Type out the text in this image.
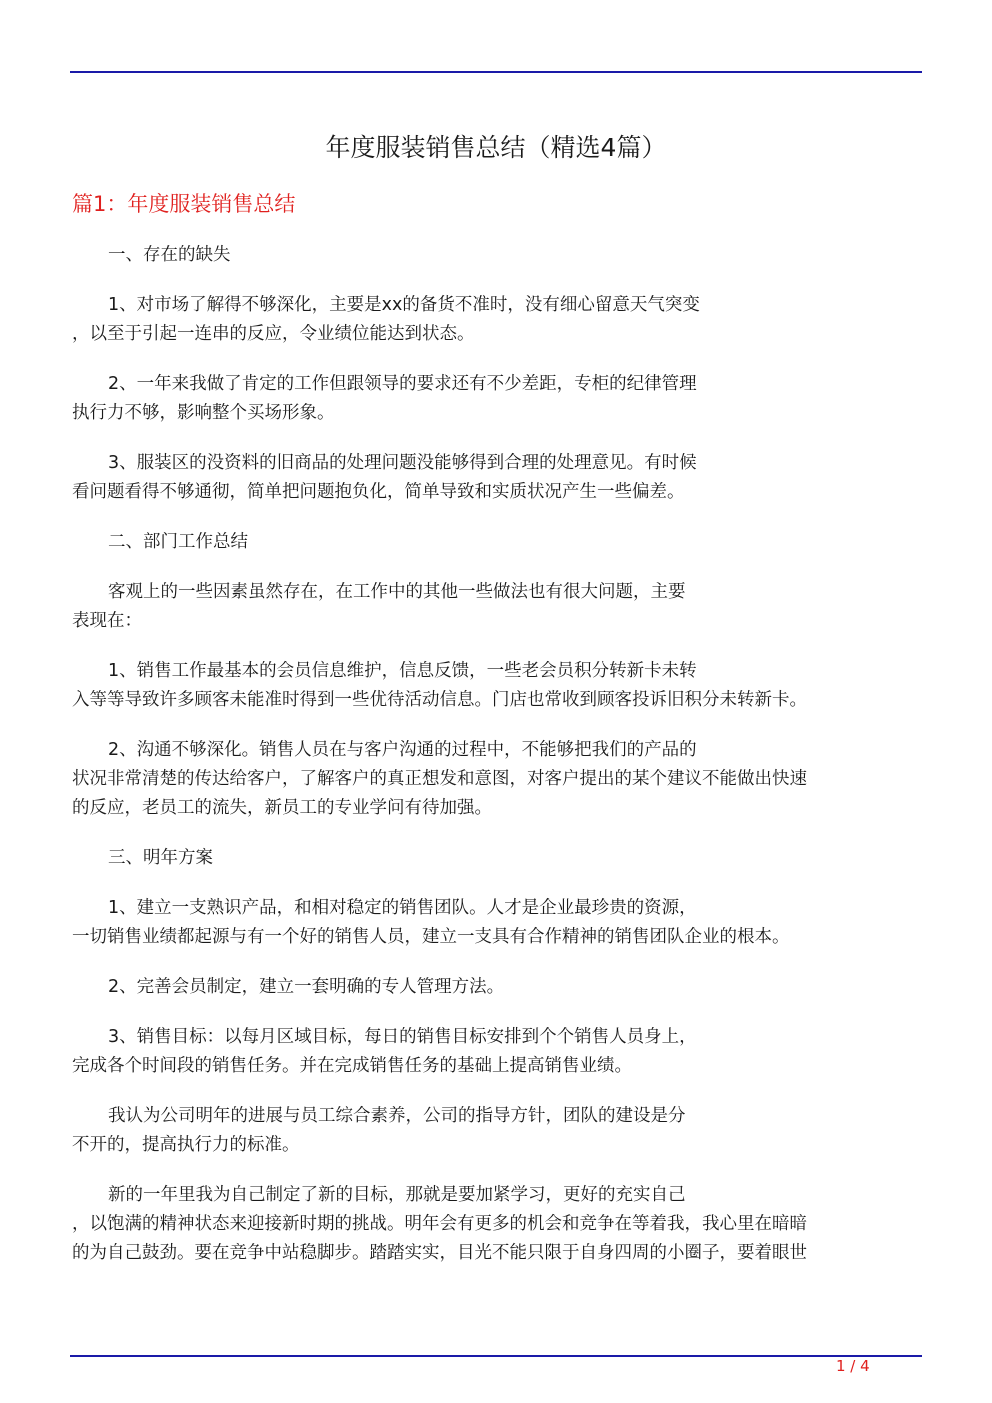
年度服装销售总结（精选4篇）
篇1：年度服装销售总结
一、存在的缺失
1、对市场了解得不够深化，主要是xx的备货不准时，没有细心留意天气突变
，以至于引起一连串的反应，令业绩位能达到状态。
2、一年来我做了肯定的工作但跟领导的要求还有不少差距，专柜的纪律管理
执行力不够，影响整个买场形象。
3、服装区的没资料的旧商品的处理问题没能够得到合理的处理意见。有时候
看问题看得不够通彻，简单把问题抱负化，简单导致和实质状况产生一些偏差。
二、部门工作总结
客观上的一些因素虽然存在，在工作中的其他一些做法也有很大问题，主要
表现在：
1、销售工作最基本的会员信息维护，信息反馈，一些老会员积分转新卡未转
入等等导致许多顾客未能准时得到一些优待活动信息。门店也常收到顾客投诉旧积分未转新卡。
2、沟通不够深化。销售人员在与客户沟通的过程中，不能够把我们的产品的
状况非常清楚的传达给客户，了解客户的真正想发和意图，对客户提出的某个建议不能做出快速
的反应，老员工的流失，新员工的专业学问有待加强。
三、明年方案
1、建立一支熟识产品，和相对稳定的销售团队。人才是企业最珍贵的资源，
一切销售业绩都起源与有一个好的销售人员，建立一支具有合作精神的销售团队企业的根本。
2、完善会员制定，建立一套明确的专人管理方法。
3、销售目标：以每月区域目标，每日的销售目标安排到个个销售人员身上，
完成各个时间段的销售任务。并在完成销售任务的基础上提高销售业绩。
我认为公司明年的进展与员工综合素养，公司的指导方针，团队的建设是分
不开的，提高执行力的标准。
新的一年里我为自己制定了新的目标，那就是要加紧学习，更好的充实自己
，以饱满的精神状态来迎接新时期的挑战。明年会有更多的机会和竞争在等着我，我心里在暗暗
的为自己鼓劲。要在竞争中站稳脚步。踏踏实实，目光不能只限于自身四周的小圈子，要着眼世
1 / 4
